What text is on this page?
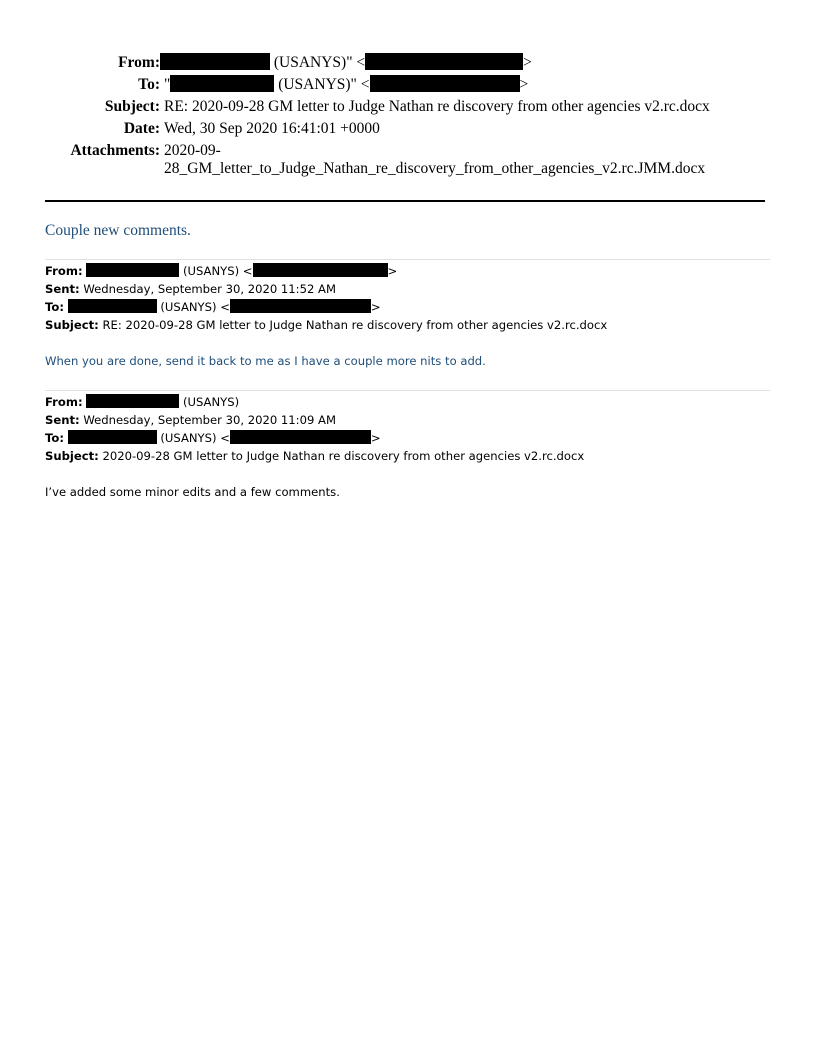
From:	(USANYS)" <	>
To: "	(USANYS)" <	>
Subject: RE: 2020-09-28 GM letter to Judge Nathan re discovery from other agencies v2.rc.docx
Date: Wed, 30 Sep 2020 16:41:01 +0000
Attachments: 2020-09-
28_GM_letter_to_Judge_Nathan_re_discovery_from_other_agencies_v2.rc.JMM.docx
Couple new comments.
From:	(USANYS) <	>
Sent: Wednesday, September 30, 2020 11:52 AM
To:	(USANYS) <	>
Subject: RE: 2020-09-28 GM letter to Judge Nathan re discovery from other agencies v2.rc.docx
When you are done, send it back to me as I have a couple more nits to add.
From:	(USANYS)
Sent: Wednesday, September 30, 2020 11:09 AM
To:	(USANYS) <	>
Subject: 2020-09-28 GM letter to Judge Nathan re discovery from other agencies v2.rc.docx
I’ve added some minor edits and a few comments.
